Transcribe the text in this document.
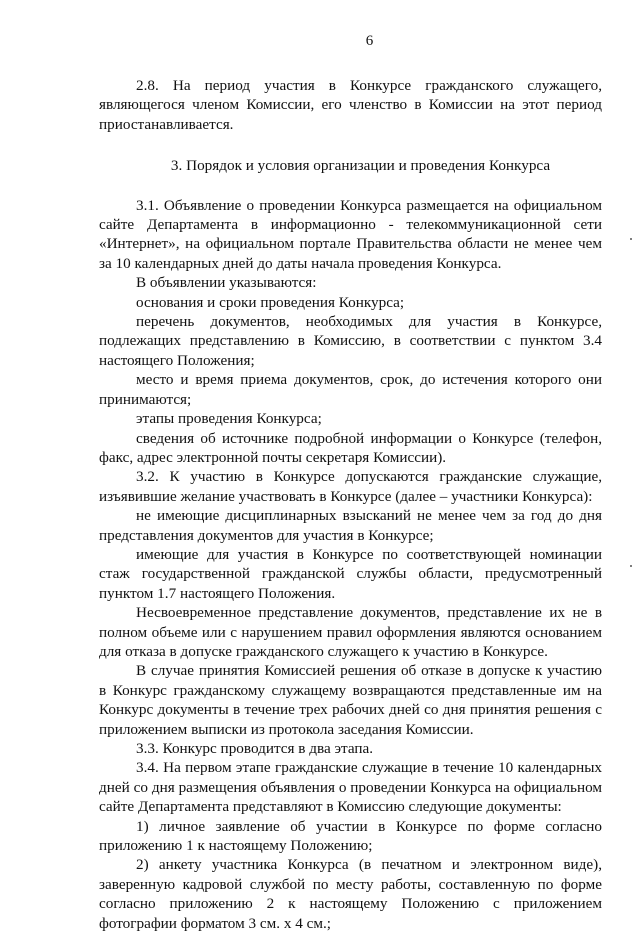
6

2.8. На период участия в Конкурсе гражданского служащего, являющегося членом Комиссии, его членство в Комиссии на этот период приостанавливается.

3. Порядок и условия организации и проведения Конкурса

3.1. Объявление о проведении Конкурса размещается на официальном сайте Департамента в информационно - телекоммуникационной сети «Интернет», на официальном портале Правительства области не менее чем за 10 календарных дней до даты начала проведения Конкурса.

В объявлении указываются:

основания и сроки проведения Конкурса;

перечень документов, необходимых для участия в Конкурсе, подлежащих представлению в Комиссию, в соответствии с пунктом 3.4 настоящего Положения;

место и время приема документов, срок, до истечения которого они принимаются;

этапы проведения Конкурса;

сведения об источнике подробной информации о Конкурсе (телефон, факс, адрес электронной почты секретаря Комиссии).

3.2. К участию в Конкурсе допускаются гражданские служащие, изъявившие желание участвовать в Конкурсе (далее – участники Конкурса):

не имеющие дисциплинарных взысканий не менее чем за год до дня представления документов для участия в Конкурсе;

имеющие для участия в Конкурсе по соответствующей номинации стаж государственной гражданской службы области, предусмотренный пунктом 1.7 настоящего Положения.

Несвоевременное представление документов, представление их не в полном объеме или с нарушением правил оформления являются основанием для отказа в допуске гражданского служащего к участию в Конкурсе.

В случае принятия Комиссией решения об отказе в допуске к участию в Конкурс гражданскому служащему возвращаются представленные им на Конкурс документы в течение трех рабочих дней со дня принятия решения с приложением выписки из протокола заседания Комиссии.

3.3. Конкурс проводится в два этапа.

3.4. На первом этапе гражданские служащие в течение 10 календарных дней со дня размещения объявления о проведении Конкурса на официальном сайте Департамента представляют в Комиссию следующие документы:

1) личное заявление об участии в Конкурсе по форме согласно приложению 1 к настоящему Положению;

2) анкету участника Конкурса (в печатном и электронном виде), заверенную кадровой службой по месту работы, составленную по форме согласно приложению 2 к настоящему Положению с приложением фотографии форматом 3 см. х 4 см.;
